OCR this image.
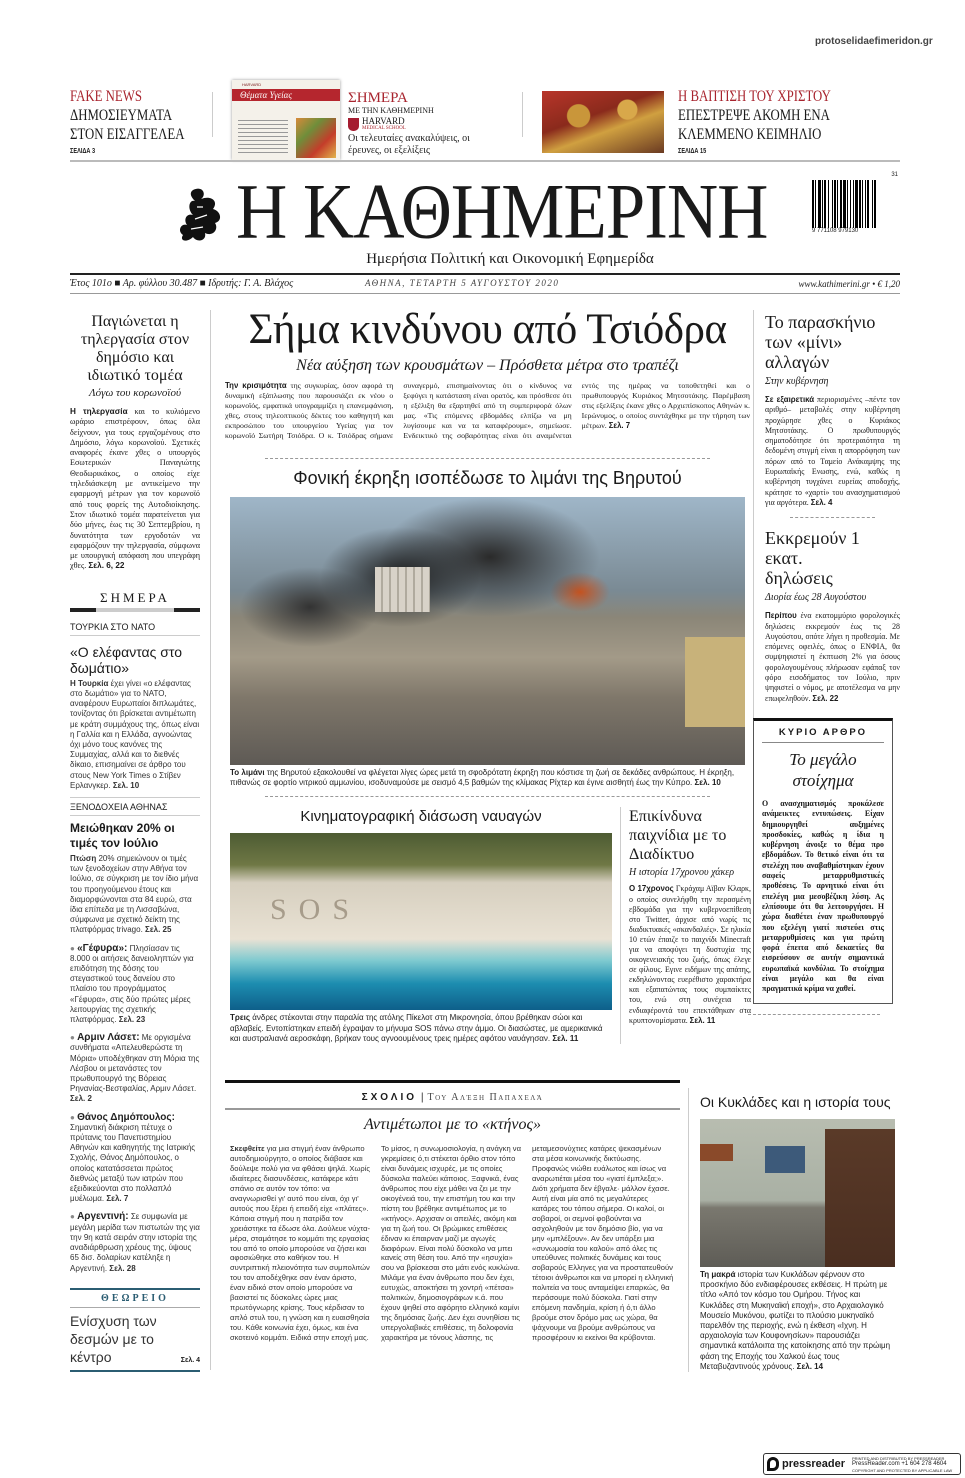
protoselidaefimeridon.gr
FAKE NEWS
ΔΗΜΟΣΙΕΥΜΑΤΑ ΣΤΟΝ ΕΙΣΑΓΓΕΛΕΑ
ΣΕΛΙΔΑ 3
HARVARD
Θέματα Υγείας	ΣΗΜΕΡΑ
ΜΕ ΤΗΝ ΚΑΘΗΜΕΡΙΝΗ
HARVARD
MEDICAL SCHOOL
Οι τελευταίες ανακαλύψεις, οι έρευνες, οι εξελίξεις
Η ΒΑΠΤΙΣΗ ΤΟΥ ΧΡΙΣΤΟΥ
ΕΠΕΣΤΡΕΨΕ ΑΚΟΜΗ ΕΝΑ ΚΛΕΜΜΕΝΟ ΚΕΙΜΗΛΙΟ
ΣΕΛΙΔΑ 15
Η ΚΑΘΗΜΕΡΙΝΗ	9 771108 979130
31
Ημερήσια Πολιτική και Οικονομική Εφημερίδα
Έτος 101ο ■ Αρ. φύλλου 30.487 ■ Ιδρυτής: Γ. Α. Βλάχος	ΑΘΗΝΑ, ΤΕΤΑΡΤΗ 5 ΑΥΓΟΥΣΤΟΥ 2020	www.kathimerini.gr • € 1,20
Παγιώνεται η τηλεργασία στον δημόσιο και ιδιωτικό τομέα
Λόγω του κορωνοϊού

Η τηλεργασία και το κυλιόμενο ωράριο επιστρέφουν, όπως όλα δείχνουν, για τους εργαζομένους στο Δημόσιο, λόγω κορωνοϊού. Σχετικές αναφορές έκανε χθες ο υπουργός Εσωτερικών Παναγιώτης Θεοδωρικάκος, ο οποίος είχε τηλεδιάσκεψη με αντικείμενο την εφαρμογή μέτρων για τον κορωνοϊό από τους φορείς της Αυτοδιοίκησης. Στον ιδιωτικό τομέα παρατείνεται για δύο μήνες, έως τις 30 Σεπτεμβρίου, η δυνατότητα των εργοδοτών να εφαρμόζουν την τηλεργασία, σύμφωνα με υπουργική απόφαση που υπεγράφη χθες. Σελ. 6, 22

ΣΗΜΕΡΑ
ΤΟΥΡΚΙΑ ΣΤΟ ΝΑΤΟ
«Ο ελέφαντας στο δωμάτιο»

Η Τουρκία έχει γίνει «ο ελέφαντας στο δωμάτιο» για το ΝΑΤΟ, αναφέρουν Ευρωπαίοι διπλωμάτες, τονίζοντας ότι βρίσκεται αντιμέτωπη με κράτη συμμάχους της, όπως είναι η Γαλλία και η Ελλάδα, αγνοώντας όχι μόνο τους κανόνες της Συμμαχίας, αλλά και το διεθνές δίκαιο, επισημαίνει σε άρθρο του στους New York Times ο Στίβεν Ερλανγκερ. Σελ. 10

ΞΕΝΟΔΟΧΕΙΑ ΑΘΗΝΑΣ
Μειώθηκαν 20% οι τιμές τον Ιούλιο

Πτώση 20% σημειώνουν οι τιμές των ξενοδοχείων στην Αθήνα τον Ιούλιο, σε σύγκριση με τον ίδιο μήνα του προηγούμενου έτους και διαμορφώνονται στα 84 ευρώ, στα ίδια επίπεδα με τη Λισσαβώνα, σύμφωνα με σχετικό δείκτη της πλατφόρμας trivago. Σελ. 25

● «Γέφυρα»: Πλησίασαν τις 8.000 οι αιτήσεις δανειοληπτών για επιδότηση της δόσης του στεγαστικού τους δανείου στο πλαίσιο του προγράμματος «Γέφυρα», στις δύο πρώτες μέρες λειτουργίας της σχετικής πλατφόρμας. Σελ. 23

● Αρμιν Λάσετ: Με οργισμένα συνθήματα «Απελευθερώστε τη Μόρια» υποδέχθηκαν στη Μόρια της Λέσβου οι μετανάστες τον πρωθυπουργό της Βόρειας Ρηνανίας-Βεστφαλίας, Αρμιν Λάσετ. Σελ. 2

● Θάνος Δημόπουλος: Σημαντική διάκριση πέτυχε ο πρύτανις του Πανεπιστημίου Αθηνών και καθηγητής της Ιατρικής Σχολής, Θάνος Δημόπουλος, ο οποίος κατατάσσεται πρώτος διεθνώς μεταξύ των ιατρών που εξειδικεύονται στο πολλαπλό μυέλωμα. Σελ. 7

● Αργεντινή: Σε συμφωνία με μεγάλη μερίδα των πιστωτών της για την 9η κατά σειράν στην ιστορία της αναδιάρθρωση χρέους της, ύψους 65 δισ. δολαρίων κατέληξε η Αργεντινή. Σελ. 28

ΘΕΩΡΕΙΟ
Ενίσχυση των δεσμών με το κέντρο	Σελ. 4
Σήμα κινδύνου από Τσιόδρα
Νέα αύξηση των κρουσμάτων – Πρόσθετα μέτρα στο τραπέζι

Την κρισιμότητα της συγκυρίας, όσον αφορά τη δυναμική εξάπλωσης που παρουσιάζει εκ νέου ο κορωνοϊός, εμφατικά υπογραμμίζει η επανεμφάνιση, χθες, στους τηλεοπτικούς δέκτες του καθηγητή και εκπροσώπου του υπουργείου Υγείας για τον κορωνοϊό Σωτήρη Τσιόδρα. Ο κ. Τσιόδρας σήμανε συναγερμό, επισημαίνοντας ότι ο κίνδυνος να ξεφύγει η κατάσταση είναι ορατός, και πρόσθεσε ότι η εξέλιξη θα εξαρτηθεί από τη συμπεριφορά όλων μας. «Τις επόμενες εβδομάδες ελπίζω να μη λυγίσουμε και να τα καταφέρουμε», σημείωσε. Ενδεικτικό της σοβαρότητας είναι ότι αναμένεται εντός της ημέρας να τοποθετηθεί και ο πρωθυπουργός Κυριάκος Μητσοτάκης. Παρέμβαση στις εξελίξεις έκανε χθες ο Αρχιεπίσκοπος Αθηνών κ. Ιερώνυμος, ο οποίος συντάχθηκε με την τήρηση των μέτρων. Σελ. 7

Φονική έκρηξη ισοπέδωσε το λιμάνι της Βηρυτού

Το λιμάνι της Βηρυτού εξακολουθεί να φλέγεται λίγες ώρες μετά τη σφοδρότατη έκρηξη που κόστισε τη ζωή σε δεκάδες ανθρώπους. Η έκρηξη, πιθανώς σε φορτίο νιτρικού αμμωνίου, ισοδυναμούσε με σεισμό 4,5 βαθμών της κλίμακας Ρίχτερ και έγινε αισθητή έως την Κύπρο. Σελ. 10

Κινηματογραφική διάσωση ναυαγών
SOS

Τρεις άνδρες στέκονται στην παραλία της ατόλης Πίκελοτ στη Μικρονησία, όπου βρέθηκαν σώοι και αβλαβείς. Εντοπίστηκαν επειδή έγραψαν το μήνυμα SOS πάνω στην άμμο. Οι διασώστες, με αμερικανικά και αυστραλιανά αεροσκάφη, βρήκαν τους αγνοουμένους τρεις ημέρες αφότου ναυάγησαν. Σελ. 11

Επικίνδυνα παιχνίδια με το Διαδίκτυο
Η ιστορία 17χρονου χάκερ

Ο 17χρονος Γκράχαμ Αϊβαν Κλαρκ, ο οποίος συνελήφθη την περασμένη εβδομάδα για την κυβερνοεπίθεση στο Twitter, άρχισε από νωρίς τις διαδικτυακές «σκανδαλιές». Σε ηλικία 10 ετών έπαιζε το παιχνίδι Minecraft για να αποφύγει τη δυστυχία της οικογενειακής του ζωής, όπως έλεγε σε φίλους. Εγινε ειδήμων της απάτης, εκδηλώνοντας ευερέθιστο χαρακτήρα και εξαπατώντας τους συμπαίκτες του, ενώ στη συνέχεια τα ενδιαφέροντά του επεκτάθηκαν στα κρυπτονομίσματα. Σελ. 11

Το παρασκήνιο των «μίνι» αλλαγών
Στην κυβέρνηση

Σε εξαιρετικά περιορισμένες –πέντε τον αριθμό– μεταβολές στην κυβέρνηση προχώρησε χθες ο Κυριάκος Μητσοτάκης. Ο πρωθυπουργός σηματοδότησε ότι προτεραιότητα τη δεδομένη στιγμή είναι η απορρόφηση των πόρων από το Ταμείο Ανάκαμψης της Ευρωπαϊκής Ενωσης, ενώ, καθώς η κυβέρνηση τυγχάνει ευρείας αποδοχής, κράτησε το «χαρτί» του ανασχηματισμού για αργότερα. Σελ. 4

Εκκρεμούν 1 εκατ. δηλώσεις
Διορία έως 28 Αυγούστου

Περίπου ένα εκατομμύριο φορολογικές δηλώσεις εκκρεμούν έως τις 28 Αυγούστου, οπότε λήγει η προθεσμία. Με επόμενες οφειλές, όπως ο ΕΝΦΙΑ, θα συμψηφιστεί η έκπτωση 2% για όσους φορολογουμένους πλήρωσαν εφάπαξ τον φόρο εισοδήματος τον Ιούλιο, πριν ψηφιστεί ο νόμος, με αποτέλεσμα να μην επωφεληθούν. Σελ. 22

ΚΥΡΙΟ ΑΡΘΡΟ
Το μεγάλο στοίχημα

Ο ανασχηματισμός προκάλεσε ανάμεικτες εντυπώσεις. Είχαν δημιουργηθεί αυξημένες προσδοκίες, καθώς η ίδια η κυβέρνηση άνοιξε το θέμα προ εβδομάδων. Το θετικό είναι ότι τα στελέχη που αναβαθμίστηκαν έχουν σαφείς μεταρρυθμιστικές προθέσεις. Το αρνητικό είναι ότι επελέγη μια μεσοβέζικη λύση. Ας ελπίσουμε ότι θα λειτουργήσει. Η χώρα διαθέτει έναν πρωθυπουργό που εξελέγη γιατί πιστεύει στις μεταρρυθμίσεις και για πρώτη φορά έπειτα από δεκαετίες θα εισρεύσουν σε αυτήν σημαντικά ευρωπαϊκά κονδύλια. Το στοίχημα είναι μεγάλο και θα είναι πραγματικά κρίμα να χαθεί.

ΣΧΟΛΙΟ | Του Αλέξη Παπαχελά
Αντιμέτωποι με το «κτήνος»

Σκεφθείτε για μια στιγμή έναν άνθρωπο αυτοδημιούργητο, ο οποίος διάβασε και δούλεψε πολύ για να φθάσει ψηλά. Χωρίς ιδιαίτερες διασυνδέσεις, κατάφερε κάτι σπάνιο σε αυτόν τον τόπο: να αναγνωρισθεί γι' αυτό που είναι, όχι γι' αυτούς που ξέρει ή επειδή είχε «πλάτες». Κάποια στιγμή που η πατρίδα τον χρειάστηκε τα έδωσε όλα. Δούλευε νύχτα-μέρα, σταμάτησε το κομμάτι της εργασίας του από το οποίο μπορούσε να ζήσει και αφοσιώθηκε στο καθήκον του. Η συντριπτική πλειονότητα των συμπολιτών του τον αποδέχθηκε σαν έναν άριστο, έναν ειδικό στον οποίο μπορούσε να βασιστεί τις δύσκολες ώρες μιας πρωτόγνωρης κρίσης. Τους κέρδισαν το απλό στυλ του, η γνώση και η ευαισθησία του. Κάθε κοινωνία έχει, όμως, και ένα σκοτεινό κομμάτι. Ειδικά στην εποχή μας. Το μίσος, η συνωμοσιολογία, η ανάγκη να γκρεμίσεις ό,τι στέκεται όρθιο στον τόπο είναι δυνάμεις ισχυρές, με τις οποίες δύσκολα παλεύει κάποιος. Ξαφνικά, ένας άνθρωπος που είχε μάθει να ζει με την οικογένειά του, την επιστήμη του και την πίστη του βρέθηκε αντιμέτωπος με το «κτήνος». Αρχισαν οι απειλές, ακόμη και για τη ζωή του. Οι βρώμικες επιθέσεις έδιναν κι έπαιρναν μαζί με αγωγές διαφόρων. Είναι πολύ δύσκολο να μπει κανείς στη θέση του. Από την «ησυχία» σου να βρίσκεσαι στο μάτι ενός κυκλώνα. Μιλάμε για έναν άνθρωπο που δεν έχει, ευτυχώς, αποκτήσει τη χοντρή «πέτσα» πολιτικών, δημοσιογράφων κ.ά. που έχουν ψηθεί στο αφόρητο ελληνικό καμίνι της δημόσιας ζωής. Δεν έχει συνηθίσει τις υπεργολαβικές επιθέσεις, τη δολοφονία χαρακτήρα με τόνους λάσπης, τις μεταμεσονύχτιες κατάρες ψεκασμένων στα μέσα κοινωνικής δικτύωσης. Προφανώς νιώθει ευάλωτος και ίσως να αναρωτιέται μέσα του «γιατί έμπλεξα;». Διότι χρήματα δεν έβγαλε· μάλλον έχασε. Αυτή είναι μία από τις μεγαλύτερες κατάρες του τόπου σήμερα. Οι καλοί, οι σοβαροί, οι σεμνοί φοβούνται να ασχοληθούν με τον δημόσιο βίο, για να μην «μπλέξουν». Αν δεν υπάρξει μια «συνωμοσία του καλού» από όλες τις υπεύθυνες πολιτικές δυνάμεις και τους σοβαρούς Ελληνες για να προστατευθούν τέτοιοι άνθρωποι και να μπορεί η ελληνική πολιτεία να τους ανταμείψει επαρκώς, θα περάσουμε πολύ δύσκολα. Γιατί στην επόμενη πανδημία, κρίση ή ό,τι άλλο βρούμε στον δρόμο μας ως χώρα, θα ψάχνουμε να βρούμε ανθρώπους να προσφέρουν κι εκείνοι θα κρύβονται.

Οι Κυκλάδες και η ιστορία τους

Τη μακρά ιστορία των Κυκλάδων φέρνουν στο προσκήνιο δύο ενδιαφέρουσες εκθέσεις. Η πρώτη με τίτλο «Από τον κόσμο του Ομήρου. Τήνος και Κυκλάδες στη Μυκηναϊκή εποχή», στο Αρχαιολογικό Μουσείο Μυκόνου, φωτίζει το πλούσιο μυκηναϊκό παρελθόν της περιοχής, ενώ η έκθεση «Ιχνη. Η αρχαιολογία των Κουφονησίων» παρουσιάζει σημαντικά κατάλοιπα της κατοίκησης από την πρώιμη φάση της Εποχής του Χαλκού έως τους Μεταβυζαντινούς χρόνους. Σελ. 14

pressreader PRINTED AND DISTRIBUTED BY PRESSREADER
PressReader.com +1 604 278 4604
COPYRIGHT AND PROTECTED BY APPLICABLE LAW
